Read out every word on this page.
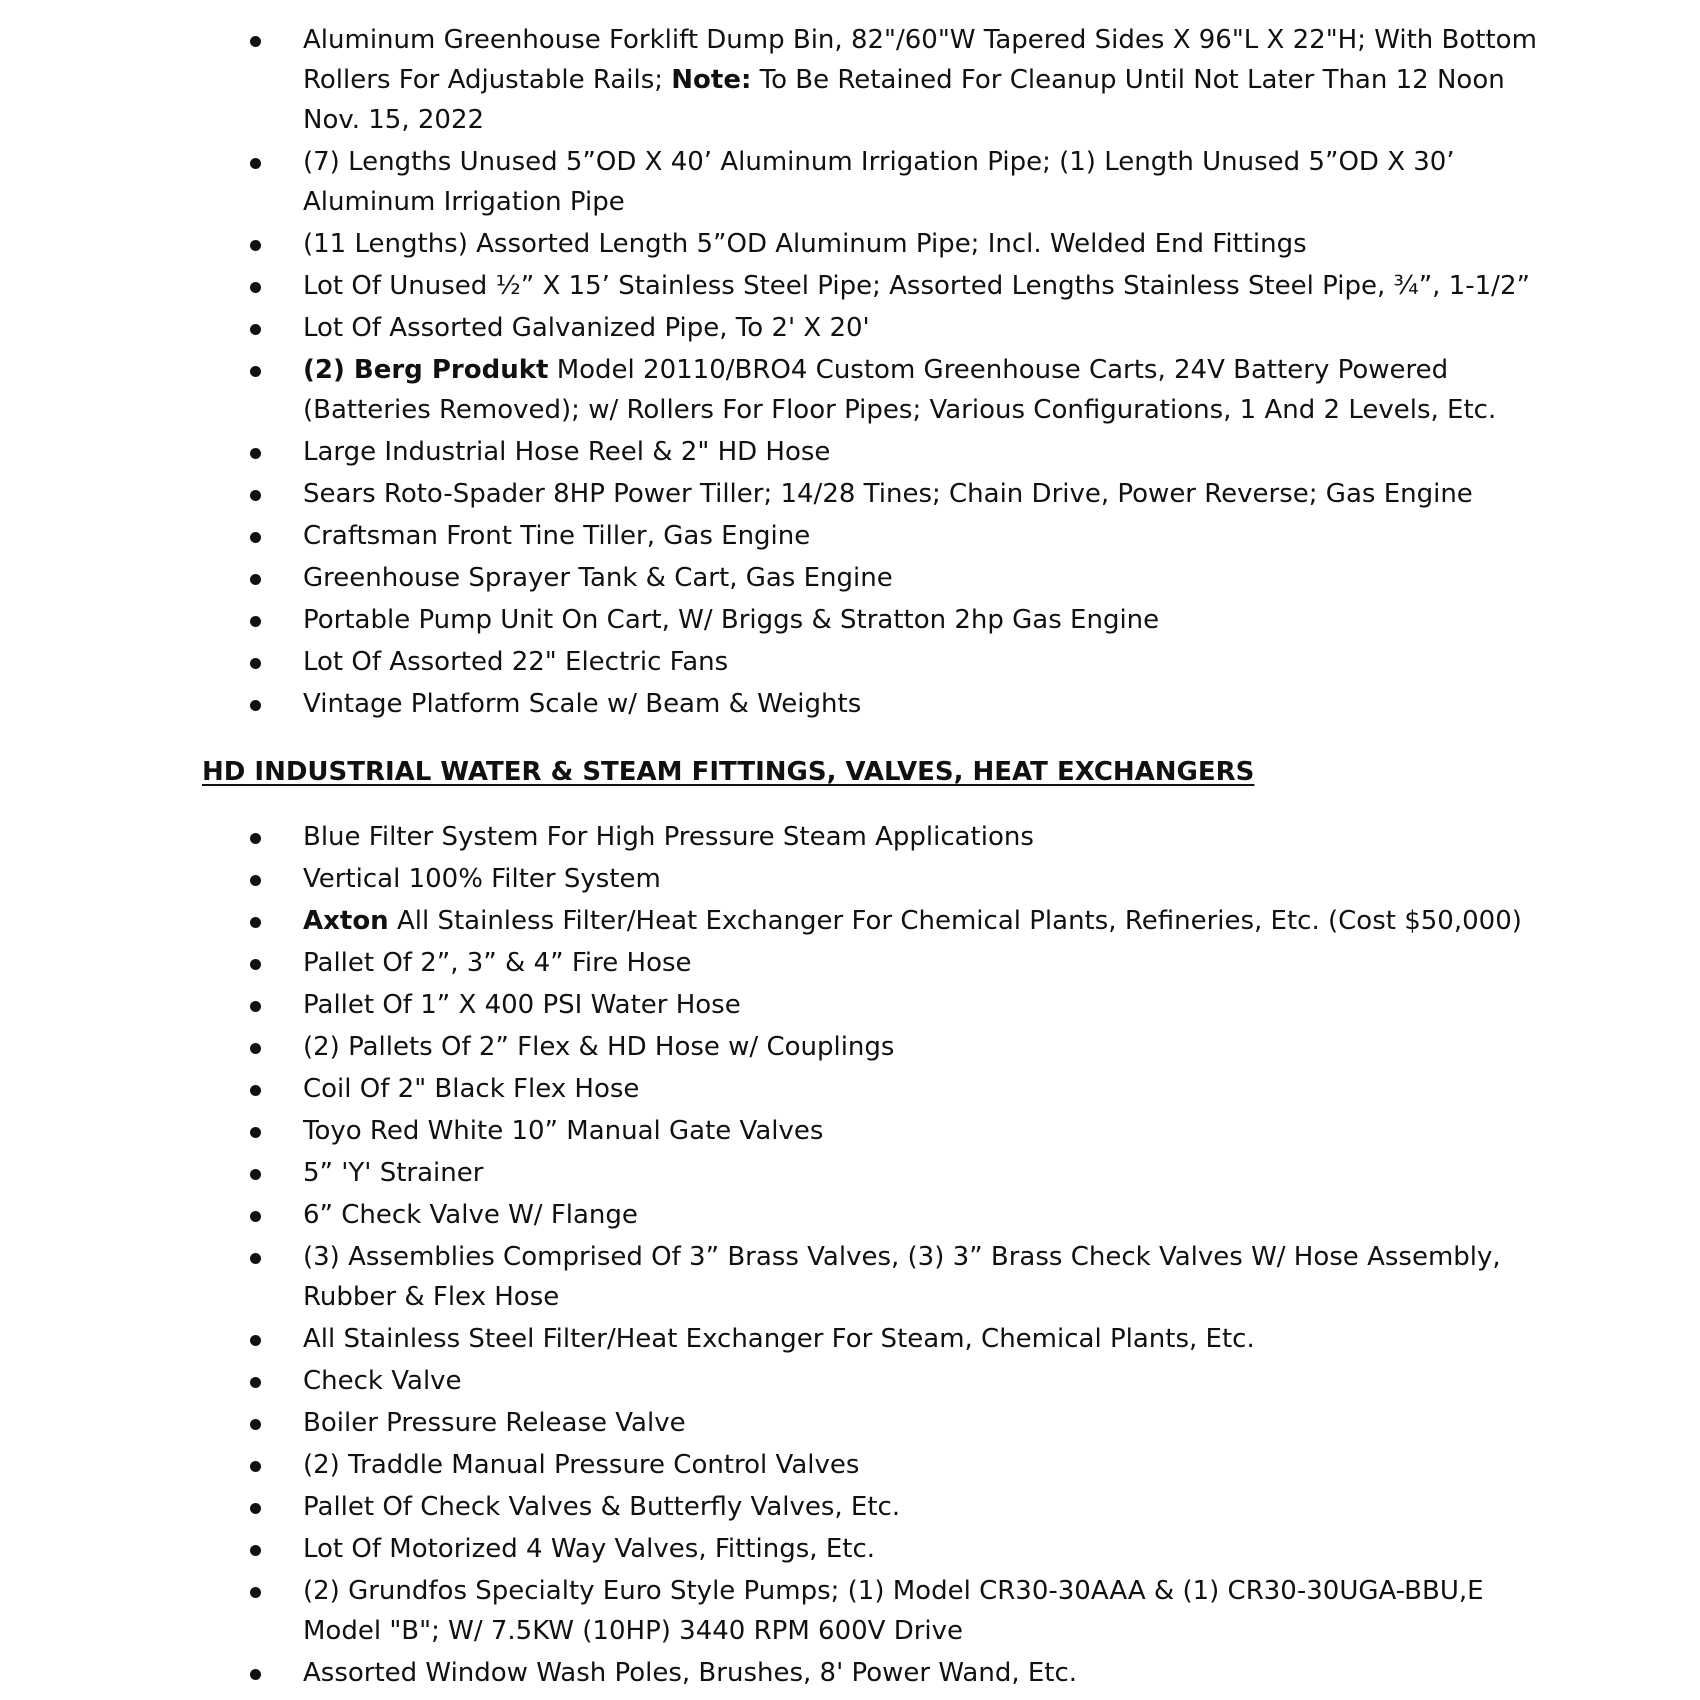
Aluminum Greenhouse Forklift Dump Bin, 82"/60"W Tapered Sides X 96"L X 22"H; With Bottom Rollers For Adjustable Rails; Note: To Be Retained For Cleanup Until Not Later Than 12 Noon Nov. 15, 2022
(7) Lengths Unused 5”OD X 40’ Aluminum Irrigation Pipe; (1) Length Unused 5”OD X 30’ Aluminum Irrigation Pipe
(11 Lengths) Assorted Length 5”OD Aluminum Pipe; Incl. Welded End Fittings
Lot Of Unused ½” X 15’ Stainless Steel Pipe; Assorted Lengths Stainless Steel Pipe, ¾”, 1-1/2”
Lot Of Assorted Galvanized Pipe, To 2' X 20'
(2) Berg Produkt Model 20110/BRO4 Custom Greenhouse Carts, 24V Battery Powered (Batteries Removed); w/ Rollers For Floor Pipes; Various Configurations, 1 And 2 Levels, Etc.
Large Industrial Hose Reel & 2" HD Hose
Sears Roto-Spader 8HP Power Tiller; 14/28 Tines; Chain Drive, Power Reverse; Gas Engine
Craftsman Front Tine Tiller, Gas Engine
Greenhouse Sprayer Tank & Cart, Gas Engine
Portable Pump Unit On Cart, W/ Briggs & Stratton 2hp Gas Engine
Lot Of Assorted 22" Electric Fans
Vintage Platform Scale w/ Beam & Weights
HD INDUSTRIAL WATER & STEAM FITTINGS, VALVES, HEAT EXCHANGERS
Blue Filter System For High Pressure Steam Applications
Vertical 100% Filter System
Axton All Stainless Filter/Heat Exchanger For Chemical Plants, Refineries, Etc. (Cost $50,000)
Pallet Of 2”, 3” & 4” Fire Hose
Pallet Of 1” X 400 PSI Water Hose
(2) Pallets Of 2” Flex & HD Hose w/ Couplings
Coil Of 2" Black Flex Hose
Toyo Red White 10” Manual Gate Valves
5” 'Y' Strainer
6” Check Valve W/ Flange
(3) Assemblies Comprised Of 3” Brass Valves, (3) 3” Brass Check Valves W/ Hose Assembly, Rubber & Flex Hose
All Stainless Steel Filter/Heat Exchanger For Steam, Chemical Plants, Etc.
Check Valve
Boiler Pressure Release Valve
(2) Traddle Manual Pressure Control Valves
Pallet Of Check Valves & Butterfly Valves, Etc.
Lot Of Motorized 4 Way Valves, Fittings, Etc.
(2) Grundfos Specialty Euro Style Pumps; (1) Model CR30-30AAA & (1) CR30-30UGA-BBU,E Model "B"; W/ 7.5KW (10HP) 3440 RPM 600V Drive
Assorted Window Wash Poles, Brushes, 8' Power Wand, Etc.
